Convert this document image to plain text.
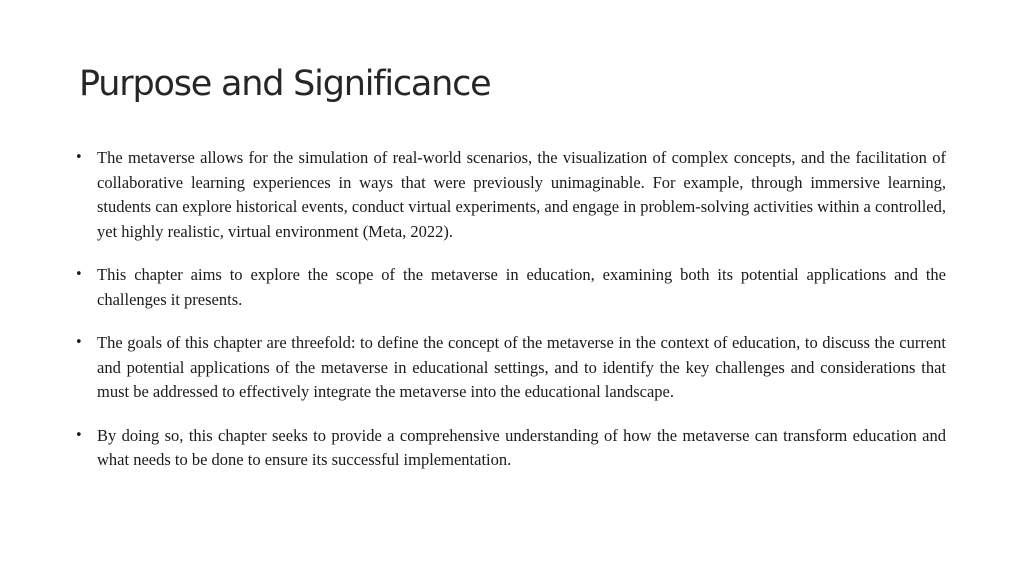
Purpose and Significance
• The metaverse allows for the simulation of real-world scenarios, the visualization of complex concepts, and the facilitation of collaborative learning experiences in ways that were previously unimaginable. For example, through immersive learning, students can explore historical events, conduct virtual experiments, and engage in problem-solving activities within a controlled, yet highly realistic, virtual environment (Meta, 2022).
• This chapter aims to explore the scope of the metaverse in education, examining both its potential applications and the challenges it presents.
• The goals of this chapter are threefold: to define the concept of the metaverse in the context of education, to discuss the current and potential applications of the metaverse in educational settings, and to identify the key challenges and considerations that must be addressed to effectively integrate the metaverse into the educational landscape.
• By doing so, this chapter seeks to provide a comprehensive understanding of how the metaverse can transform education and what needs to be done to ensure its successful implementation.
